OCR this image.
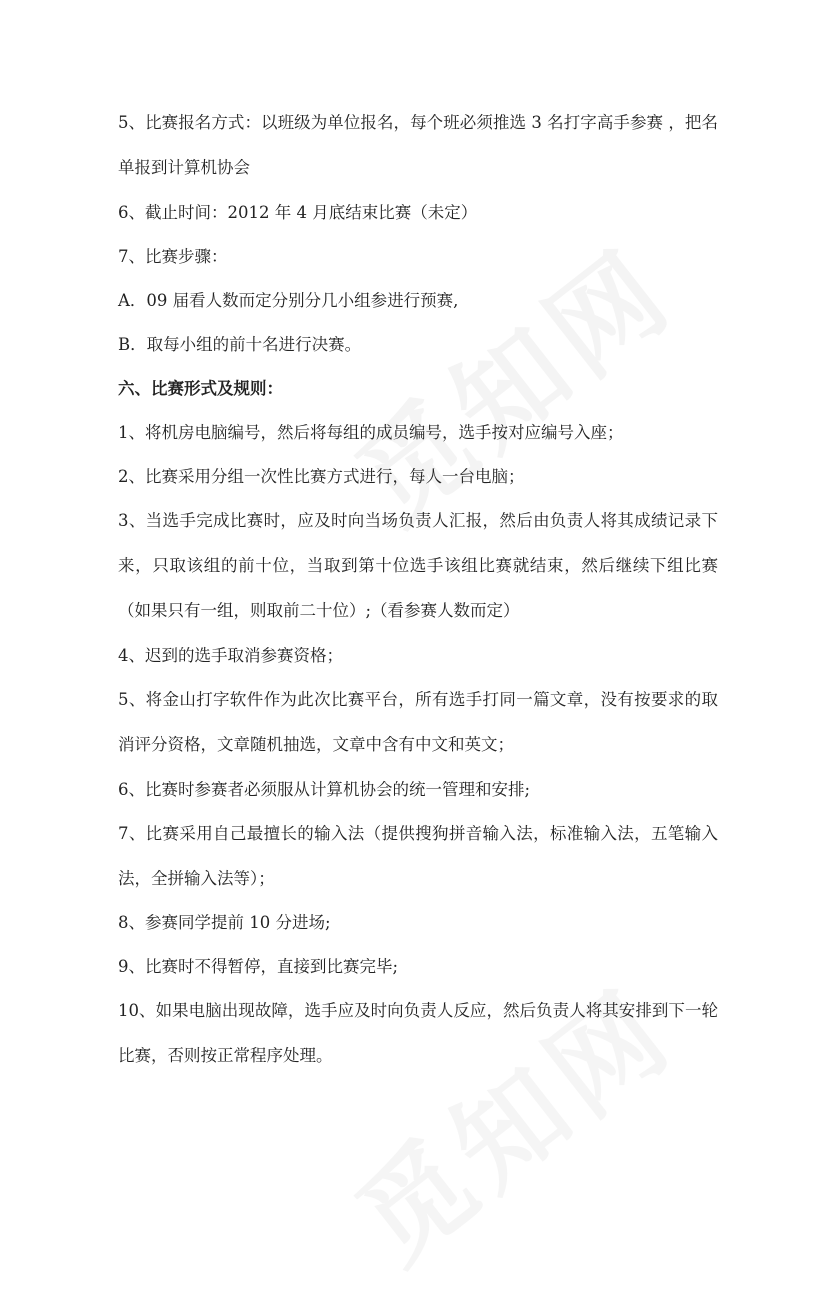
5、比赛报名方式：以班级为单位报名，每个班必须推选 3 名打字高手参赛 ，把名单报到计算机协会

6、截止时间：2012 年 4 月底结束比赛（未定）

7、比赛步骤：

A．09 届看人数而定分别分几小组参进行预赛,

B．取每小组的前十名进行决赛。

六、比赛形式及规则：

1、将机房电脑编号，然后将每组的成员编号，选手按对应编号入座；

2、比赛采用分组一次性比赛方式进行，每人一台电脑；

3、当选手完成比赛时，应及时向当场负责人汇报，然后由负责人将其成绩记录下来，只取该组的前十位，当取到第十位选手该组比赛就结束，然后继续下组比赛（如果只有一组，则取前二十位）;（看参赛人数而定）

4、迟到的选手取消参赛资格；

5、将金山打字软件作为此次比赛平台，所有选手打同一篇文章，没有按要求的取消评分资格，文章随机抽选，文章中含有中文和英文；

6、比赛时参赛者必须服从计算机协会的统一管理和安排;

7、比赛采用自己最擅长的输入法（提供搜狗拼音输入法，标准输入法，五笔输入法，全拼输入法等）；

8、参赛同学提前 10 分进场;

9、比赛时不得暂停，直接到比赛完毕;

10、如果电脑出现故障，选手应及时向负责人反应，然后负责人将其安排到下一轮比赛，否则按正常程序处理。
